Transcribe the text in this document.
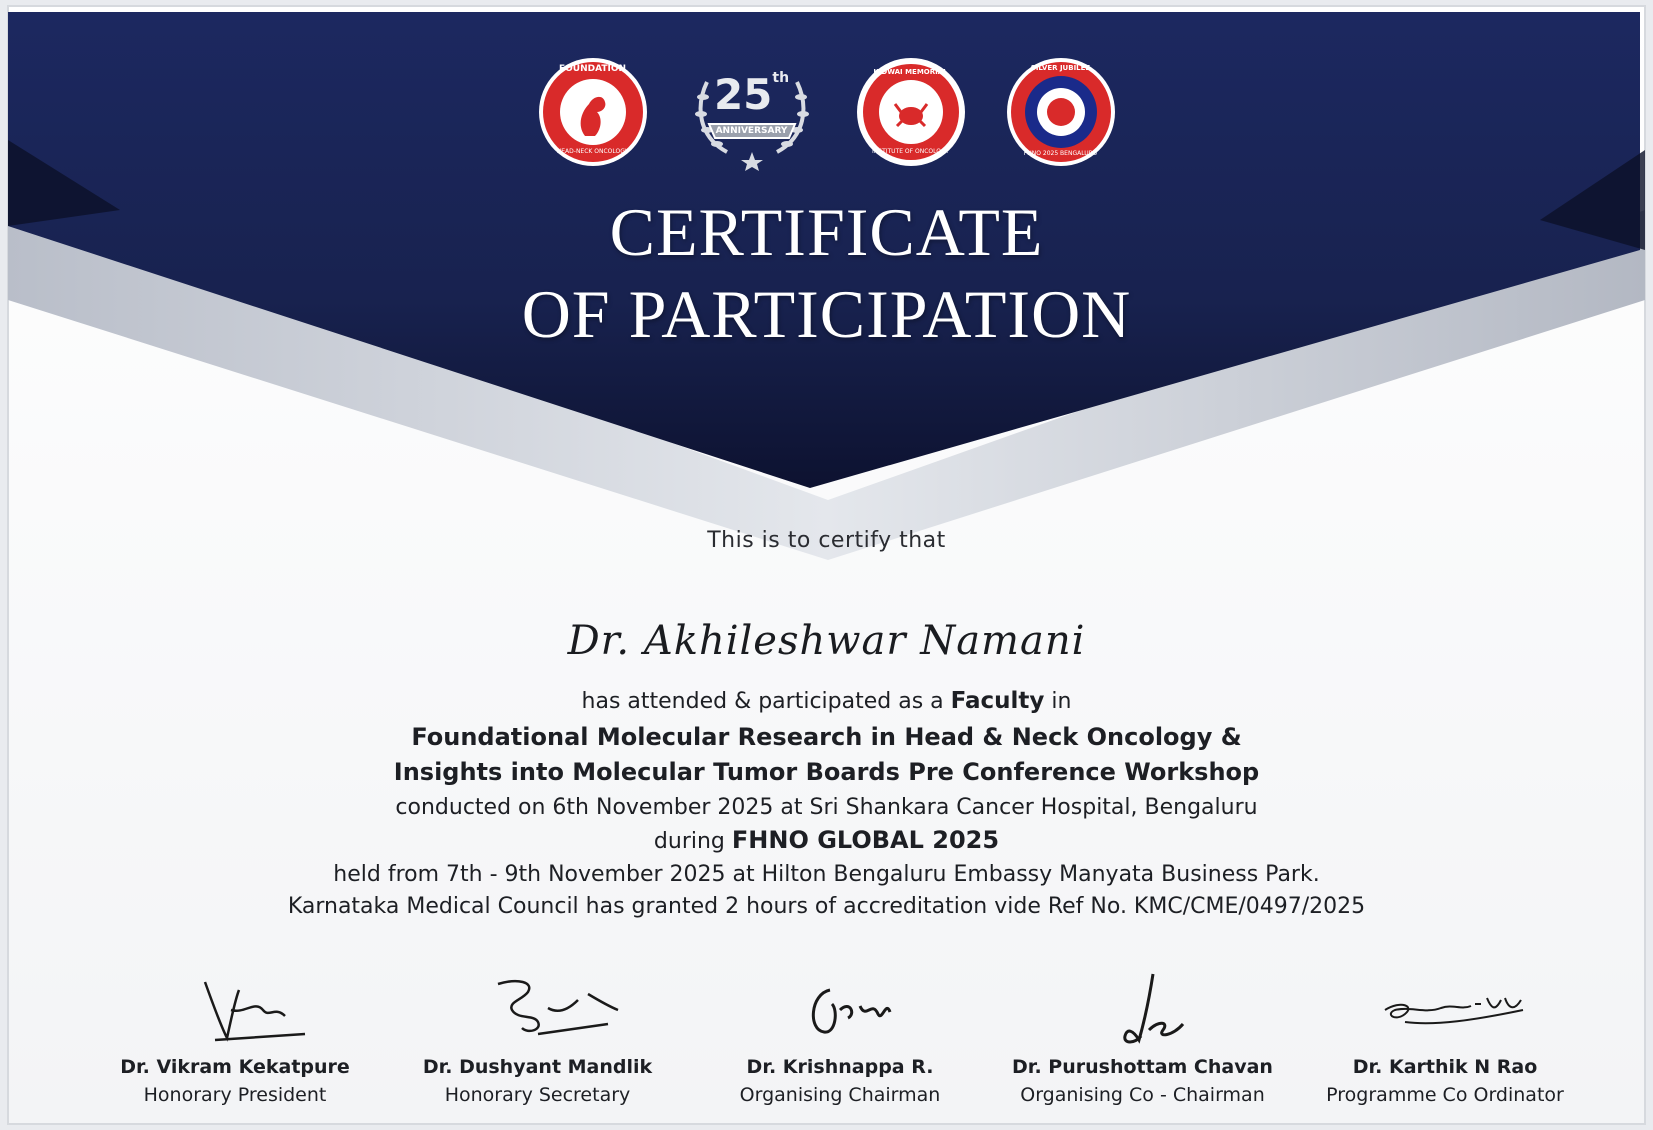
FOUNDATION
HEAD-NECK ONCOLOGY
25th
ANNIVERSARY
KIDWAI MEMORIAL
INSTITUTE OF ONCOLOGY
SILVER JUBILEE
FHNO 2025 BENGALURU
CERTIFICATE
OF PARTICIPATION
This is to certify that
Dr. Akhileshwar Namani
has attended & participated as a Faculty in
Foundational Molecular Research in Head & Neck Oncology &
Insights into Molecular Tumor Boards Pre Conference Workshop
conducted on 6th November 2025 at Sri Shankara Cancer Hospital, Bengaluru
during FHNO GLOBAL 2025
held from 7th - 9th November 2025 at Hilton Bengaluru Embassy Manyata Business Park.
Karnataka Medical Council has granted 2 hours of accreditation vide Ref No. KMC/CME/0497/2025
Dr. Vikram Kekatpure
Honorary President
Dr. Dushyant Mandlik
Honorary Secretary
Dr. Krishnappa R.
Organising Chairman
Dr. Purushottam Chavan
Organising Co - Chairman
Dr. Karthik N Rao
Programme Co Ordinator
